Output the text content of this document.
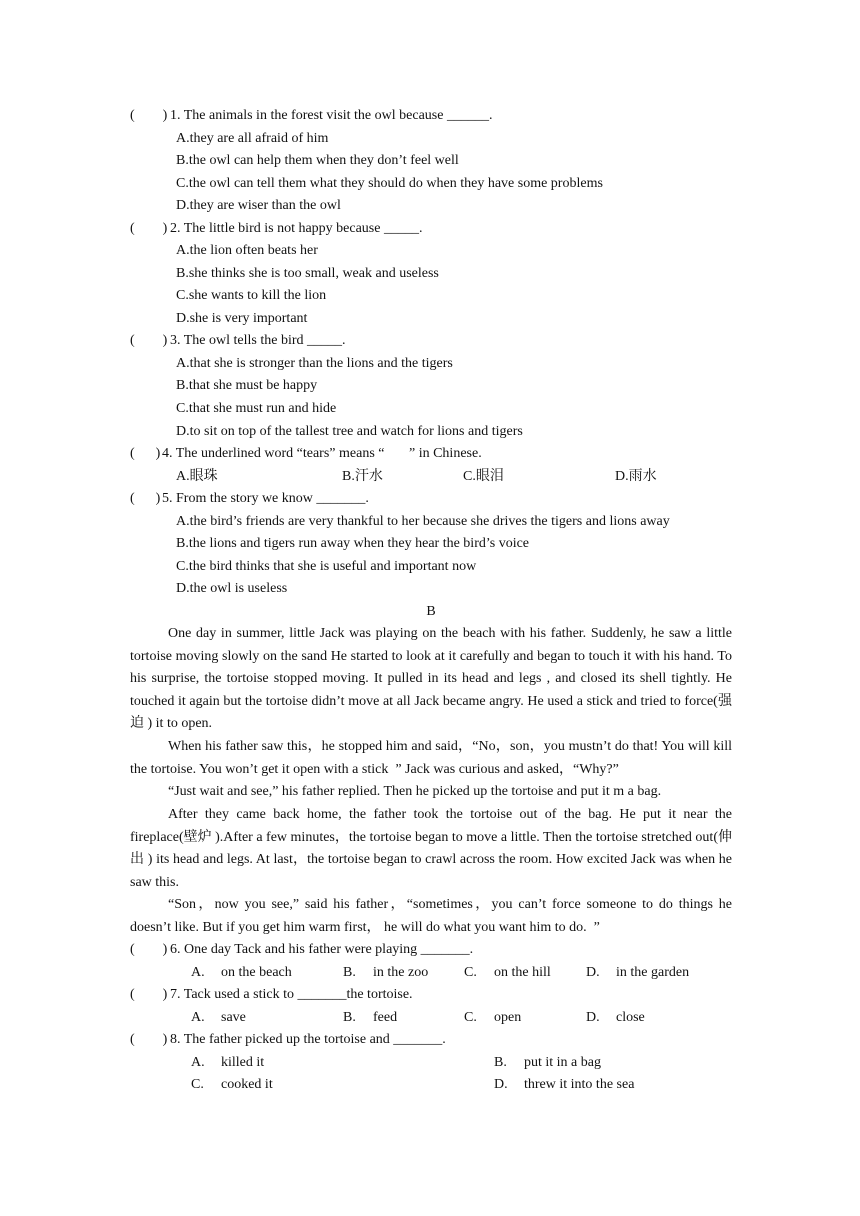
(        ) 1. The animals in the forest visit the owl because ______.
A.they are all afraid of him
B.the owl can help them when they don’t feel well
C.the owl can tell them what they should do when they have some problems
D.they are wiser than the owl
(        ) 2. The little bird is not happy because _____.
A.the lion often beats her
B.she thinks she is too small, weak and useless
C.she wants to kill the lion
D.she is very important
(        ) 3. The owl tells the bird _____.
A.that she is stronger than the lions and the tigers
B.that she must be happy
C.that she must run and hide
D.to sit on top of the tallest tree and watch for lions and tigers
(      ) 4. The underlined word “tears” means “       ” in Chinese.
A.眼珠	B.汗水	C.眼泪	D.雨水
(      ) 5. From the story we know _______.
A.the bird’s friends are very thankful to her because she drives the tigers and lions away
B.the lions and tigers run away when they hear the bird’s voice
C.the bird thinks that she is useful and important now
D.the owl is useless
B
One day in summer, little Jack was playing on the beach with his father. Suddenly, he saw a little tortoise moving slowly on the sand He started to look at it carefully and began to touch it with his hand. To his surprise, the tortoise stopped moving. It pulled in its head and legs , and closed its shell tightly. He touched it again but the tortoise didn’t move at all Jack became angry. He used a stick and tried to force(强迫 ) it to open.
When his father saw this，he stopped him and said，“No，son，you mustn’t do that! You will kill the tortoise. You won’t get it open with a stick  ” Jack was curious and asked，“Why?”
“Just wait and see,” his father replied. Then he picked up the tortoise and put it m a bag.
After they came back home, the father took the tortoise out of the bag. He put it near the fireplace(壁炉 ).After a few minutes，the tortoise began to move a little. Then the tortoise stretched out(伸出 ) its head and legs. At last，the tortoise began to crawl across the room. How excited Jack was when he saw this.
“Son，now you see,” said his father，“sometimes，you can’t force someone to do things he doesn’t like. But if you get him warm first， he will do what you want him to do.  ”
(        ) 6. One day Tack and his father were playing _______.
A. on the beach	B. in the zoo	C. on the hill	D. in the garden
(        ) 7. Tack used a stick to _______the tortoise.
A. save	B. feed	C. open	D. close
(        ) 8. The father picked up the tortoise and _______.
A. killed it	B. put it in a bag
C. cooked it	D. threw it into the sea
